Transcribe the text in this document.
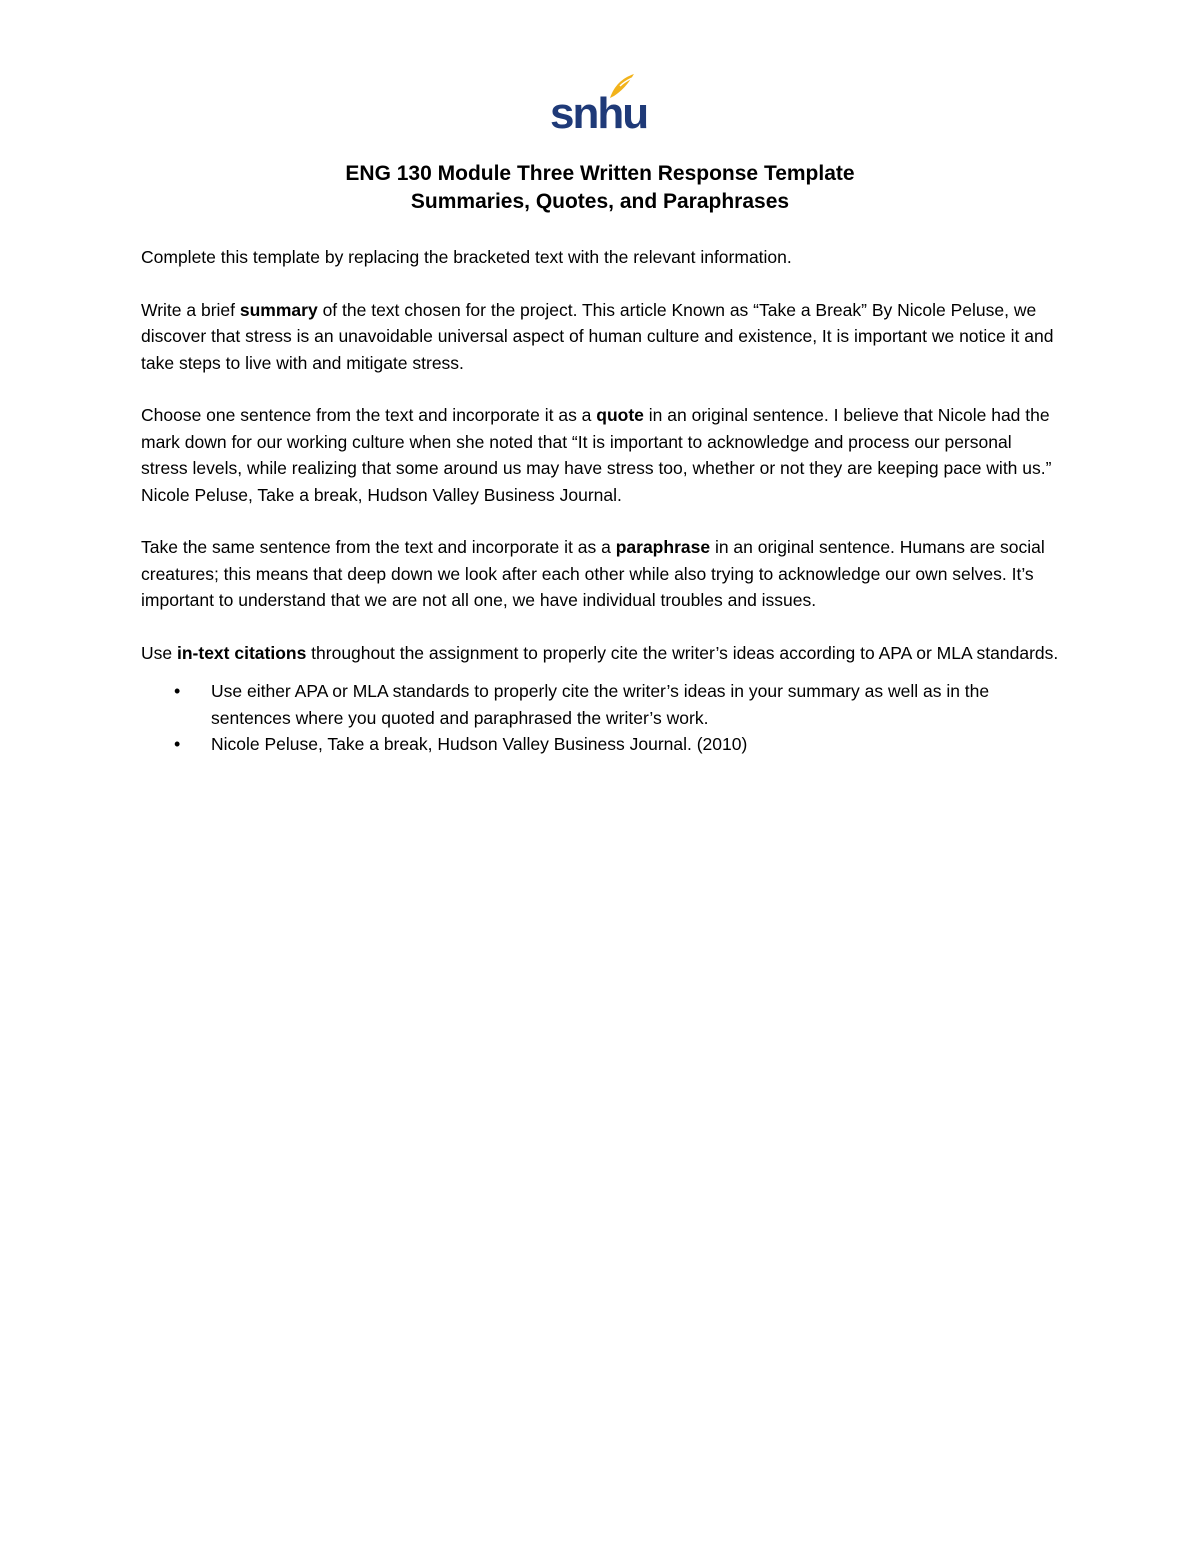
snhu
ENG 130 Module Three Written Response Template
Summaries, Quotes, and Paraphrases

Complete this template by replacing the bracketed text with the relevant information.

Write a brief summary of the text chosen for the project. This article Known as “Take a Break” By Nicole Peluse, we discover that stress is an unavoidable universal aspect of human culture and existence, It is important we notice it and take steps to live with and mitigate stress.

Choose one sentence from the text and incorporate it as a quote in an original sentence. I believe that Nicole had the mark down for our working culture when she noted that “It is important to acknowledge and process our personal stress levels, while realizing that some around us may have stress too, whether or not they are keeping pace with us.” Nicole Peluse, Take a break, Hudson Valley Business Journal.

Take the same sentence from the text and incorporate it as a paraphrase in an original sentence. Humans are social creatures; this means that deep down we look after each other while also trying to acknowledge our own selves. It’s important to understand that we are not all one, we have individual troubles and issues.

Use in-text citations throughout the assignment to properly cite the writer’s ideas according to APA or MLA standards.

• Use either APA or MLA standards to properly cite the writer’s ideas in your summary as well as in the sentences where you quoted and paraphrased the writer’s work.
• Nicole Peluse, Take a break, Hudson Valley Business Journal. (2010)
